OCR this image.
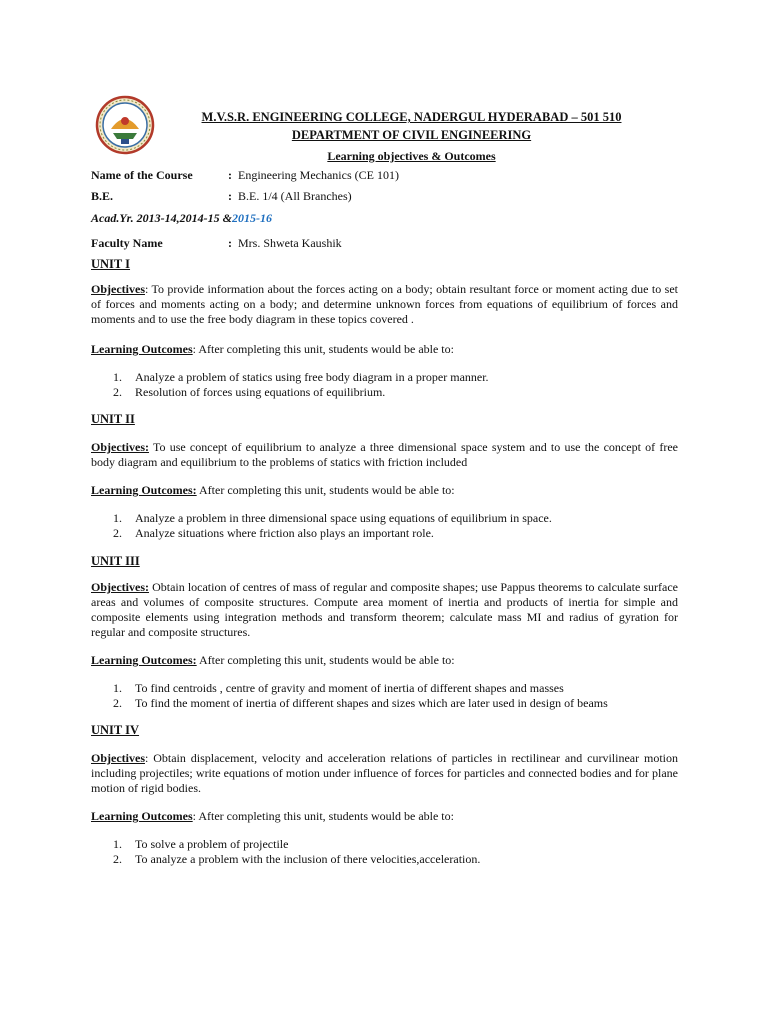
M.V.S.R. ENGINEERING COLLEGE, NADERGUL HYDERABAD – 501 510
DEPARTMENT OF CIVIL ENGINEERING
Learning objectives & Outcomes
Name of the Course	: Engineering Mechanics (CE 101)
B.E.	: B.E. 1/4 (All Branches)
Acad.Yr. 2013-14,2014-15 &2015-16
Faculty Name	: Mrs. Shweta Kaushik
UNIT I
Objectives: To provide information about the forces acting on a body; obtain resultant force or moment acting due to set of forces and moments acting on a body; and determine unknown forces from equations of equilibrium of forces and moments and to use the free body diagram in these topics covered .
Learning Outcomes: After completing this unit, students would be able to:
1. Analyze a problem of statics using free body diagram in a proper manner.
2. Resolution of forces using equations of equilibrium.
UNIT II
Objectives: To use concept of equilibrium to analyze a three dimensional space system and to use the concept of free body diagram and equilibrium to the problems of statics with friction included
Learning Outcomes: After completing this unit, students would be able to:
1. Analyze a problem in three dimensional space using equations of equilibrium in space.
2. Analyze situations where friction also plays an important role.
UNIT III
Objectives: Obtain location of centres of mass of regular and composite shapes; use Pappus theorems to calculate surface areas and volumes of composite structures. Compute area moment of inertia and products of inertia for simple and composite elements using integration methods and transform theorem; calculate mass MI and radius of gyration for regular and composite structures.
Learning Outcomes: After completing this unit, students would be able to:
1. To find centroids , centre of gravity and moment of inertia of different shapes and masses
2. To find the moment of inertia of different shapes and sizes which are later used in design of beams
UNIT IV
Objectives: Obtain displacement, velocity and acceleration relations of particles in rectilinear and curvilinear motion including projectiles; write equations of motion under influence of forces for particles and connected bodies and for plane motion of rigid bodies.
Learning Outcomes: After completing this unit, students would be able to:
1. To solve a problem of projectile
2. To analyze a problem with the inclusion of there velocities,acceleration.
